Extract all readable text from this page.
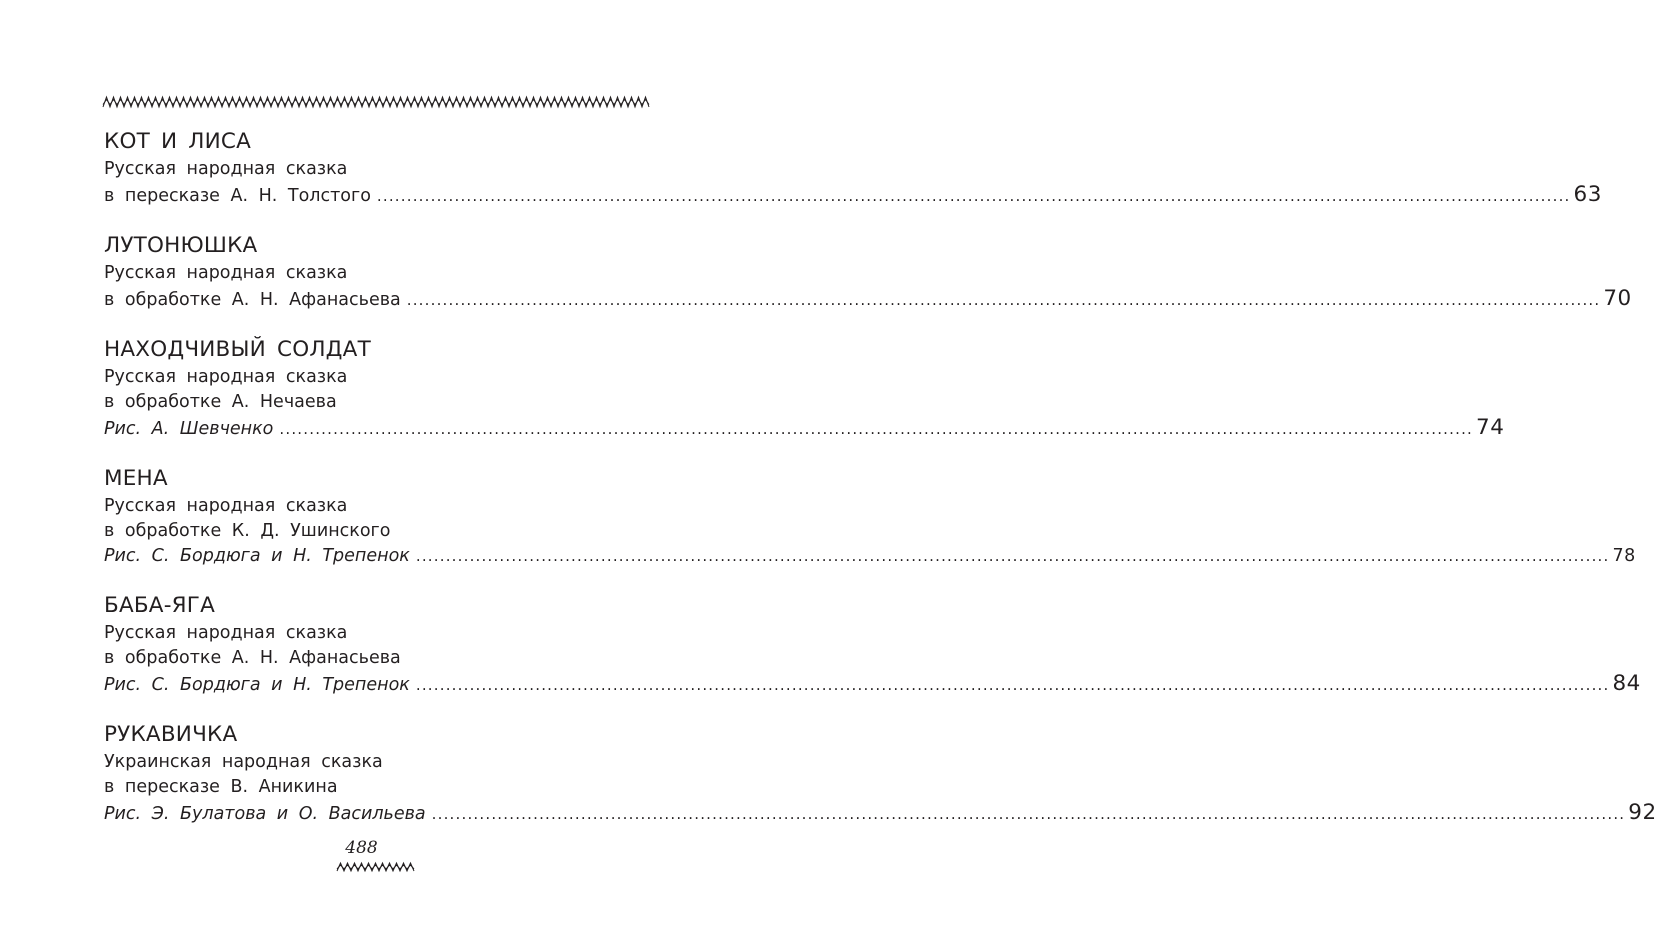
КОТ И ЛИСА
Русская народная сказка
в пересказе А. Н. Толстого ........................................................................................................................................................................................................ 63
ЛУТОНЮШКА
Русская народная сказка
в обработке А. Н. Афанасьева ........................................................................................................................................................................................................ 70
НАХОДЧИВЫЙ СОЛДАТ
Русская народная сказка
в обработке А. Нечаева
Рис. А. Шевченко ........................................................................................................................................................................................................ 74
МЕНА
Русская народная сказка
в обработке К. Д. Ушинского
Рис. С. Бордюга и Н. Трепенок ........................................................................................................................................................................................................ 78
БАБА-ЯГА
Русская народная сказка
в обработке А. Н. Афанасьева
Рис. С. Бордюга и Н. Трепенок ........................................................................................................................................................................................................ 84
РУКАВИЧКА
Украинская народная сказка
в пересказе В. Аникина
Рис. Э. Булатова и О. Васильева ........................................................................................................................................................................................................ 92
488
